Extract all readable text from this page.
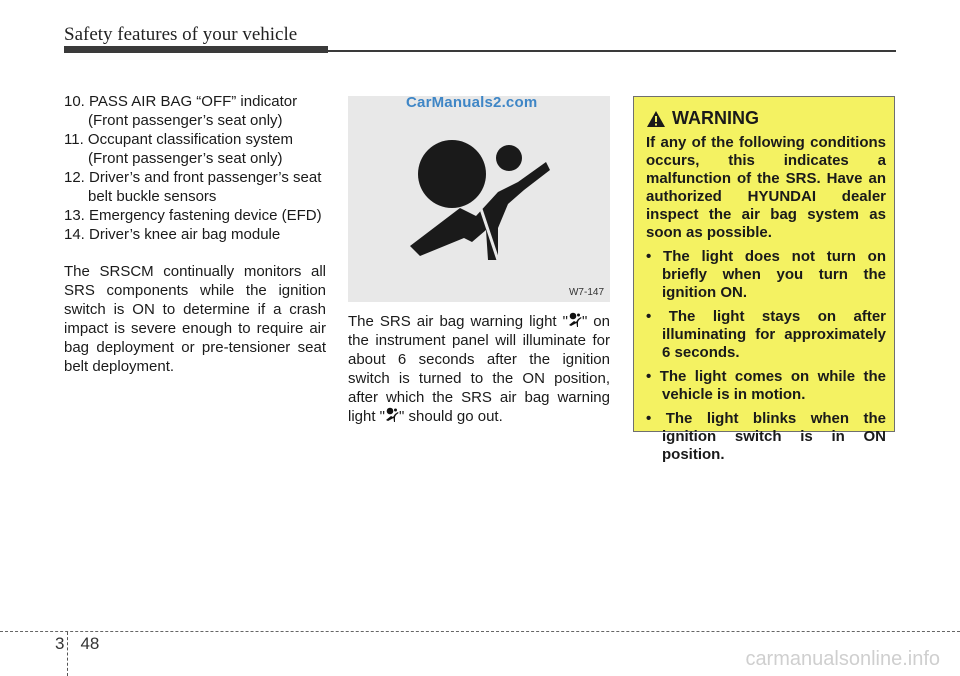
Safety features of your vehicle
10. PASS AIR BAG “OFF” indicator (Front passenger’s seat only)
11. Occupant classification system (Front passenger’s seat only)
12. Driver’s and front passenger’s seat belt buckle sensors
13. Emergency fastening device (EFD)
14. Driver’s knee air bag module

The SRSCM continually monitors all SRS components while the ignition switch is ON to determine if a crash impact is severe enough to require air bag deployment or pre-tensioner seat belt deployment.

CarManuals2.com
W7-147
The SRS air bag warning light " " on the instrument panel will illuminate for about 6 seconds after the ignition switch is turned to the ON position, after which the SRS air bag warning light " " should go out.
WARNING
If any of the following conditions occurs, this indicates a malfunction of the SRS. Have an authorized HYUNDAI dealer inspect the air bag system as soon as possible.
• The light does not turn on briefly when you turn the ignition ON.
• The light stays on after illuminating for approximately 6 seconds.
• The light comes on while the vehicle is in motion.
• The light blinks when the ignition switch is in ON position.
3 48
carmanualsonline.info
